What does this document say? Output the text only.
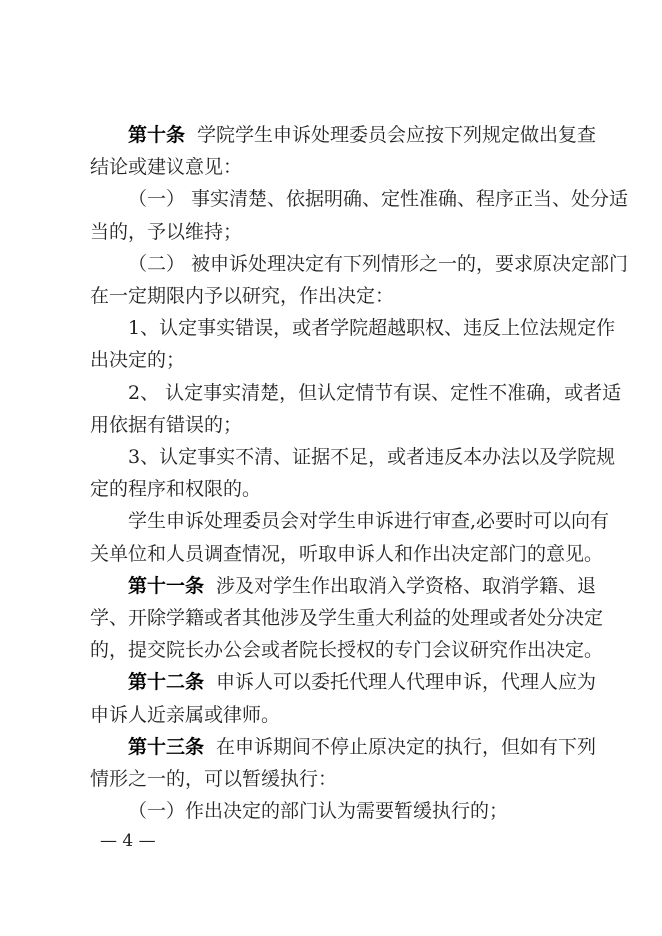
第十条 学院学生申诉处理委员会应按下列规定做出复查
结论或建议意见：
（一） 事实清楚、依据明确、定性准确、程序正当、处分适
当的，予以维持；
（二） 被申诉处理决定有下列情形之一的，要求原决定部门
在一定期限内予以研究，作出决定：
1、认定事实错误，或者学院超越职权、违反上位法规定作
出决定的；
2、 认定事实清楚，但认定情节有误、定性不准确，或者适
用依据有错误的；
3、认定事实不清、证据不足，或者违反本办法以及学院规
定的程序和权限的。
学生申诉处理委员会对学生申诉进行审查,必要时可以向有
关单位和人员调查情况，听取申诉人和作出决定部门的意见。
第十一条 涉及对学生作出取消入学资格、取消学籍、退
学、开除学籍或者其他涉及学生重大利益的处理或者处分决定
的，提交院长办公会或者院长授权的专门会议研究作出决定。
第十二条 申诉人可以委托代理人代理申诉，代理人应为
申诉人近亲属或律师。
第十三条 在申诉期间不停止原决定的执行，但如有下列
情形之一的，可以暂缓执行：
（一）作出决定的部门认为需要暂缓执行的；
— 4 —
